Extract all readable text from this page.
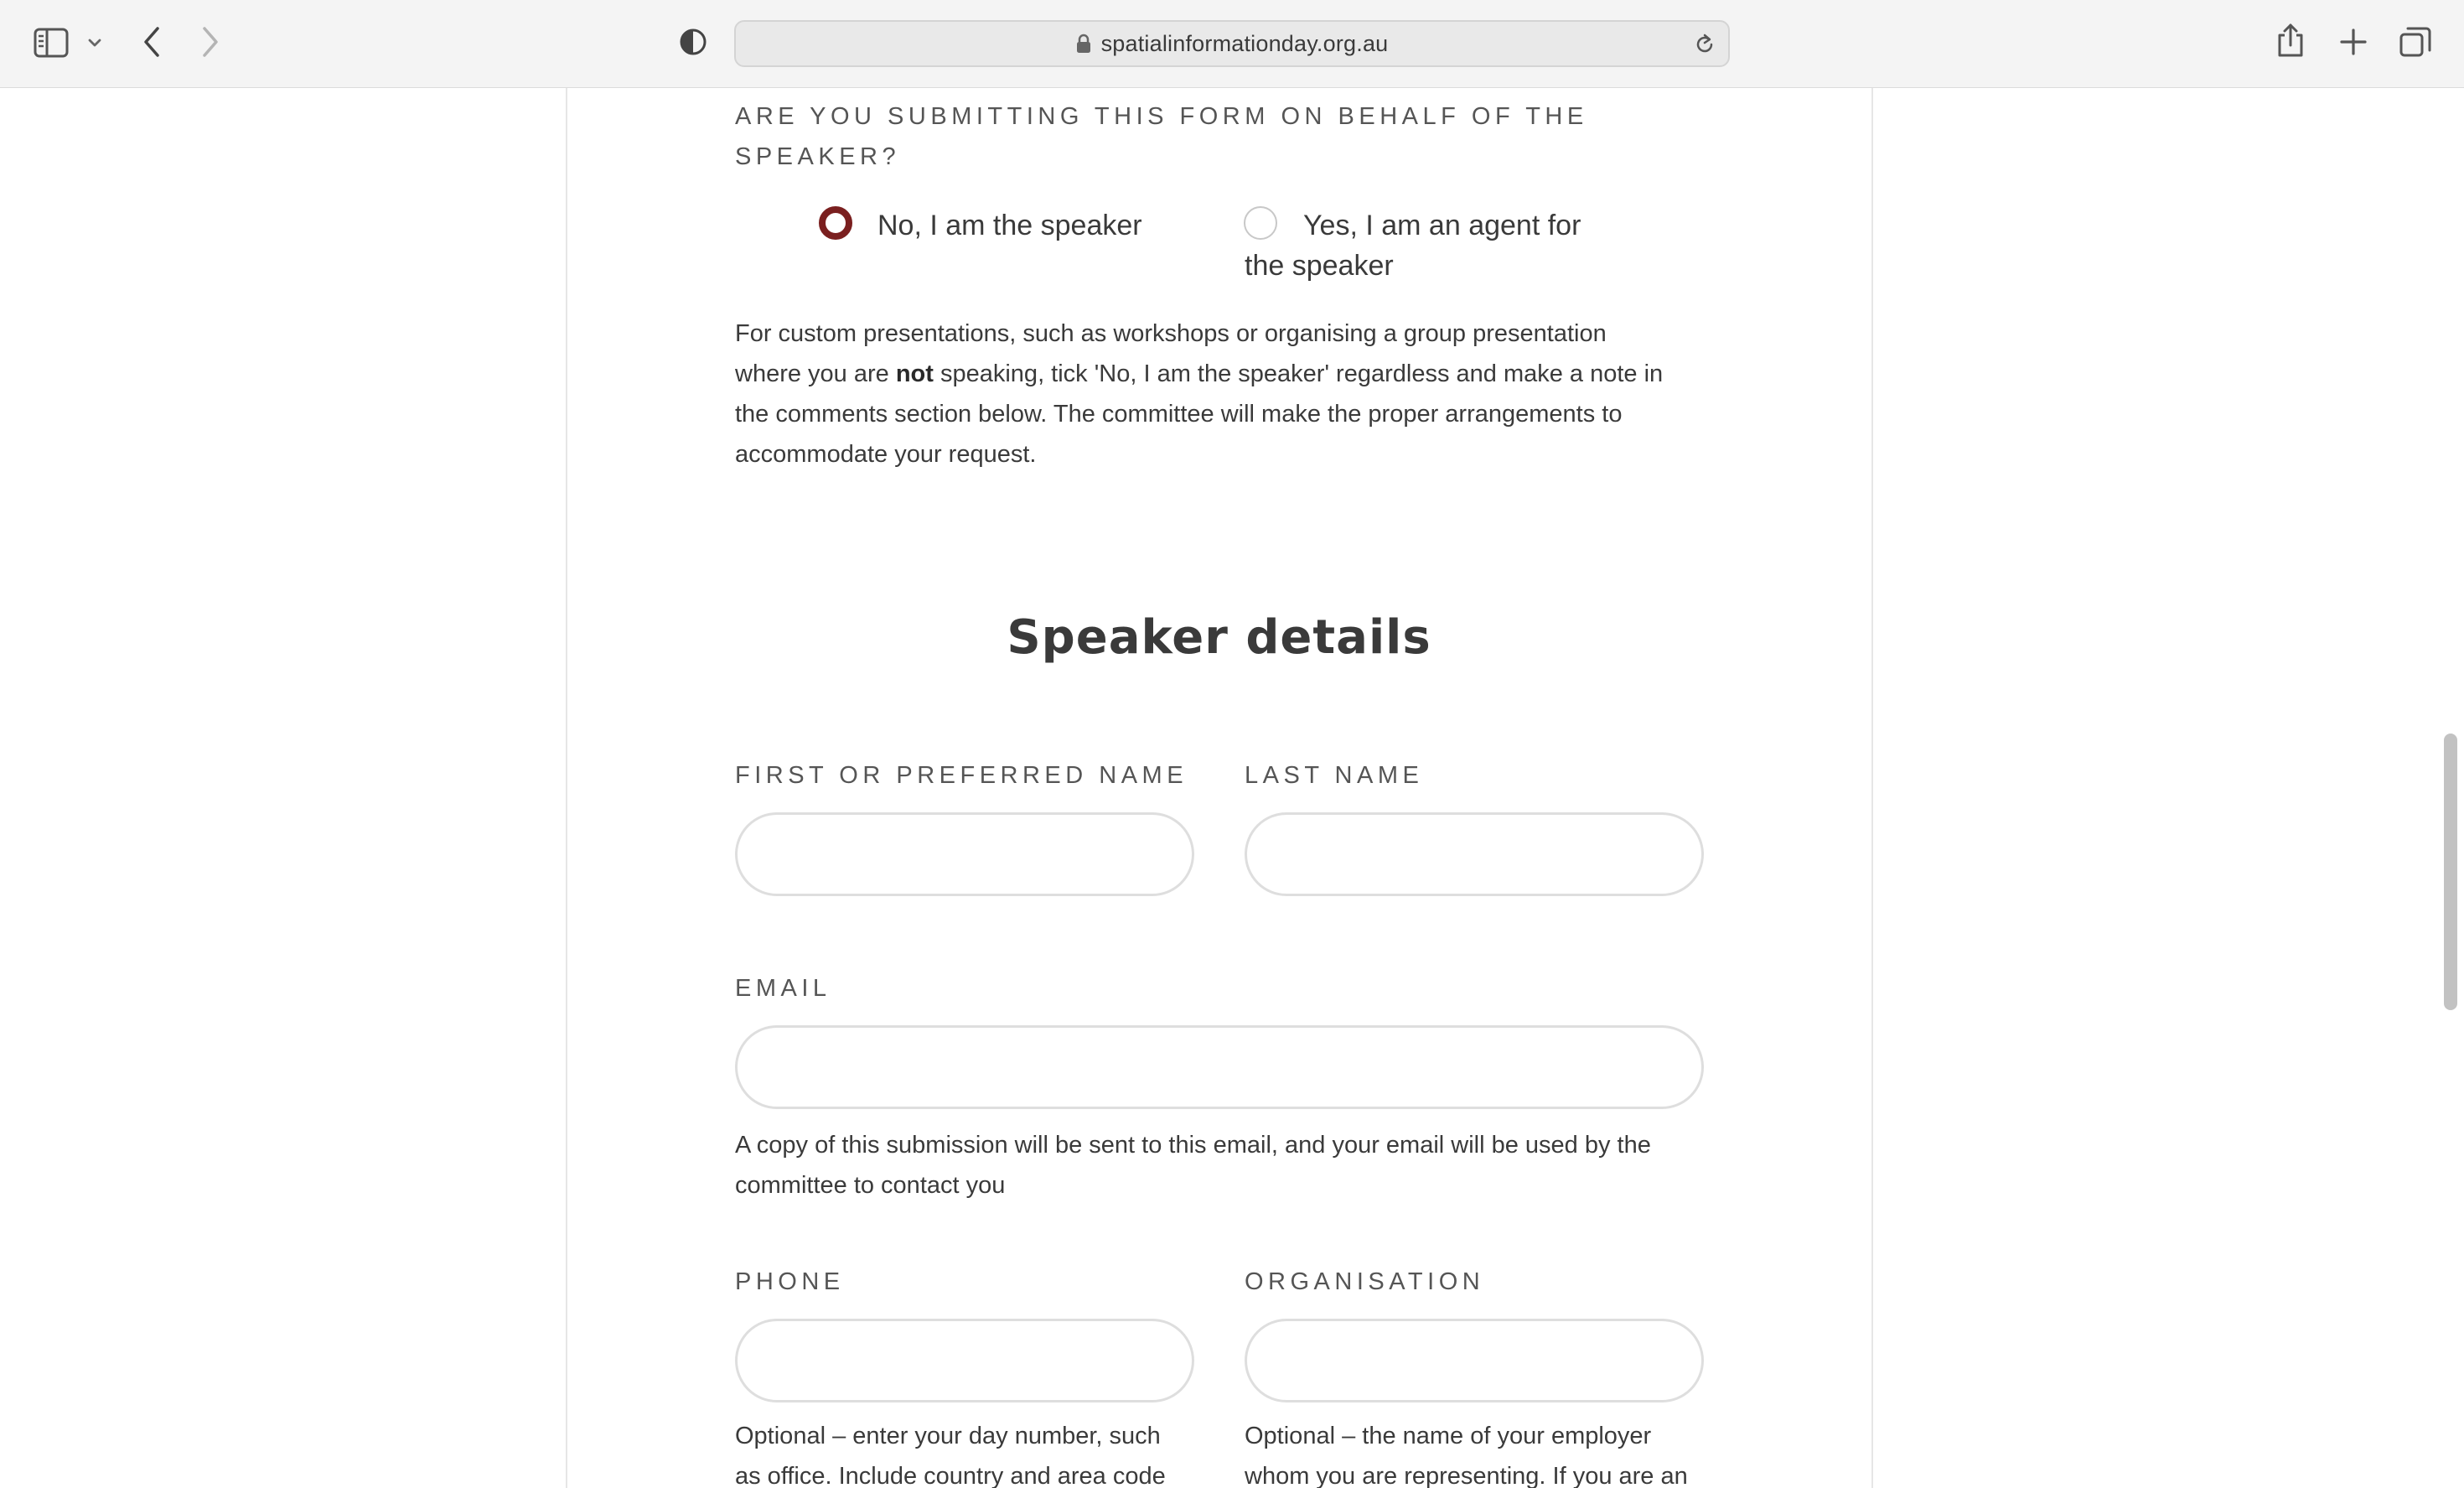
spatialinformationday.org.au
ARE YOU SUBMITTING THIS FORM ON BEHALF OF THE
SPEAKER?
No, I am the speaker	Yes, I am an agent for
the speaker
For custom presentations, such as workshops or organising a group presentation
where you are not speaking, tick 'No, I am the speaker' regardless and make a note in
the comments section below. The committee will make the proper arrangements to
accommodate your request.
Speaker details
FIRST OR PREFERRED NAME LAST NAME
EMAIL
A copy of this submission will be sent to this email, and your email will be used by the
committee to contact you
PHONE
Optional – enter your day number, such
as office. Include country and area code
ORGANISATION
Optional – the name of your employer
whom you are representing. If you are an
